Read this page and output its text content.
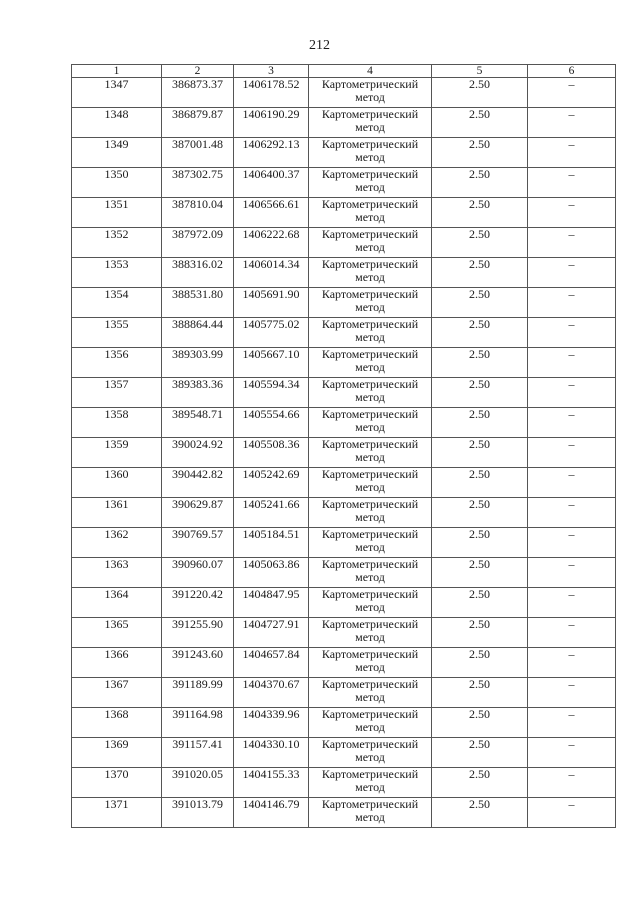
212
1	2	3	4	5	6
1347	386873.37	1406178.52	Картометрический метод	2.50	–
1348	386879.87	1406190.29	Картометрический метод	2.50	–
1349	387001.48	1406292.13	Картометрический метод	2.50	–
1350	387302.75	1406400.37	Картометрический метод	2.50	–
1351	387810.04	1406566.61	Картометрический метод	2.50	–
1352	387972.09	1406222.68	Картометрический метод	2.50	–
1353	388316.02	1406014.34	Картометрический метод	2.50	–
1354	388531.80	1405691.90	Картометрический метод	2.50	–
1355	388864.44	1405775.02	Картометрический метод	2.50	–
1356	389303.99	1405667.10	Картометрический метод	2.50	–
1357	389383.36	1405594.34	Картометрический метод	2.50	–
1358	389548.71	1405554.66	Картометрический метод	2.50	–
1359	390024.92	1405508.36	Картометрический метод	2.50	–
1360	390442.82	1405242.69	Картометрический метод	2.50	–
1361	390629.87	1405241.66	Картометрический метод	2.50	–
1362	390769.57	1405184.51	Картометрический метод	2.50	–
1363	390960.07	1405063.86	Картометрический метод	2.50	–
1364	391220.42	1404847.95	Картометрический метод	2.50	–
1365	391255.90	1404727.91	Картометрический метод	2.50	–
1366	391243.60	1404657.84	Картометрический метод	2.50	–
1367	391189.99	1404370.67	Картометрический метод	2.50	–
1368	391164.98	1404339.96	Картометрический метод	2.50	–
1369	391157.41	1404330.10	Картометрический метод	2.50	–
1370	391020.05	1404155.33	Картометрический метод	2.50	–
1371	391013.79	1404146.79	Картометрический метод	2.50	–
